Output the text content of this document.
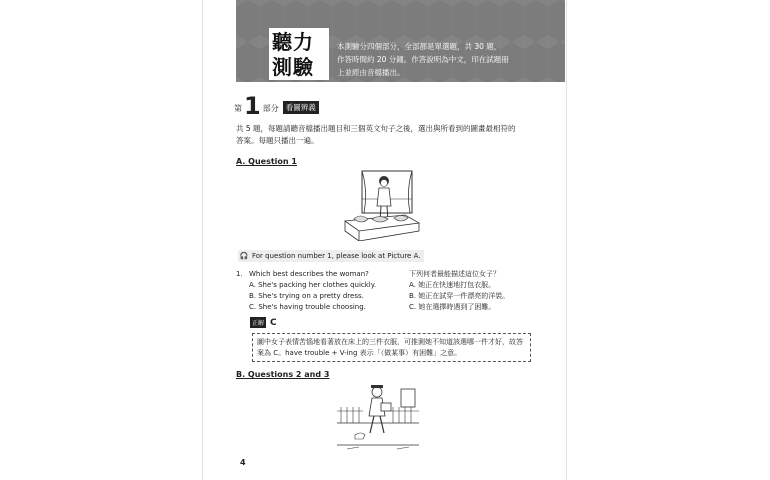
聽力
測驗
本測驗分四個部分，全部都是單選題，共 30 題，
作答時間約 20 分鐘。作答說明為中文，印在試題冊
上並經由音檔播出。
第 1 部分 看圖辨義
共 5 題，每題請聽音檔播出題目和三個英文句子之後，選出與所看到的圖畫最相符的
答案。每題只播出一遍。
A. Question 1
🎧 For question number 1, please look at Picture A.
1. Which best describes the woman?
A. She's packing her clothes quickly.
B. She's trying on a pretty dress.
C. She's having trouble choosing.
下列何者最能描述這位女子？
A. 她正在快速地打包衣服。
B. 她正在試穿一件漂亮的洋裝。
C. 她在選擇時遇到了困難。
正解 C
圖中女子表情苦惱地看著放在床上的三件衣服，可推測她不知道該選哪一件才好，故答
案為 C。have trouble + V-ing 表示「（做某事）有困難」之意。
B. Questions 2 and 3
4
